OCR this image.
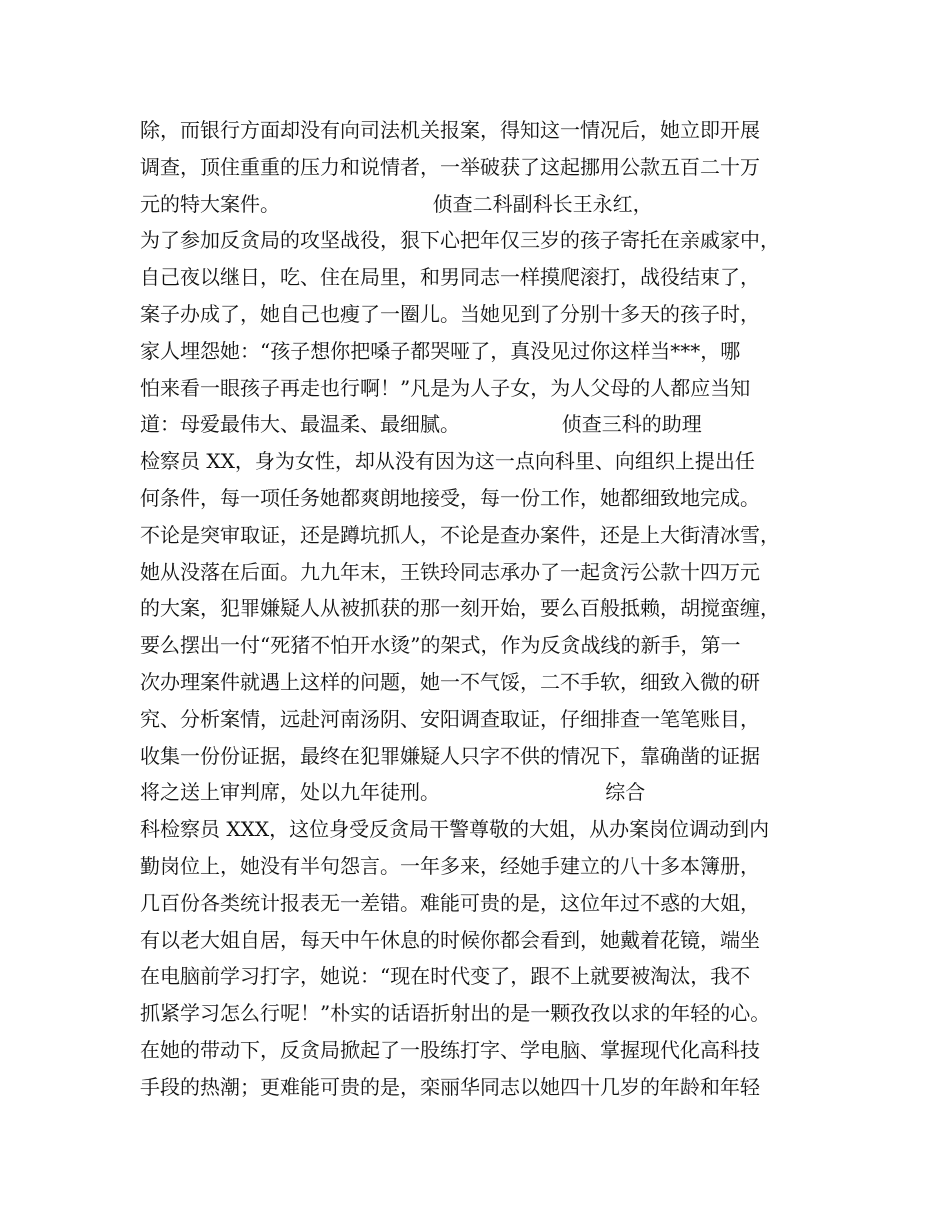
除，而银行方面却没有向司法机关报案，得知这一情况后，她立即开展
调查，顶住重重的压力和说情者，一举破获了这起挪用公款五百二十万
元的特大案件。                        侦查二科副科长王永红，
为了参加反贪局的攻坚战役，狠下心把年仅三岁的孩子寄托在亲戚家中，
自己夜以继日，吃、住在局里，和男同志一样摸爬滚打，战役结束了，
案子办成了，她自己也瘦了一圈儿。当她见到了分别十多天的孩子时，
家人埋怨她：“孩子想你把嗓子都哭哑了，真没见过你这样当***，哪
怕来看一眼孩子再走也行啊！”凡是为人子女，为人父母的人都应当知
道：母爱最伟大、最温柔、最细腻。                侦查三科的助理
检察员 XX，身为女性，却从没有因为这一点向科里、向组织上提出任
何条件，每一项任务她都爽朗地接受，每一份工作，她都细致地完成。
不论是突审取证，还是蹲坑抓人，不论是查办案件，还是上大街清冰雪，
她从没落在后面。九九年末，王铁玲同志承办了一起贪污公款十四万元
的大案，犯罪嫌疑人从被抓获的那一刻开始，要么百般抵赖，胡搅蛮缠，
要么摆出一付“死猪不怕开水烫”的架式，作为反贪战线的新手，第一
次办理案件就遇上这样的问题，她一不气馁，二不手软，细致入微的研
究、分析案情，远赴河南汤阴、安阳调查取证，仔细排查一笔笔账目，
收集一份份证据，最终在犯罪嫌疑人只字不供的情况下，靠确凿的证据
将之送上审判席，处以九年徒刑。                          综合
科检察员 XXX，这位身受反贪局干警尊敬的大姐，从办案岗位调动到内
勤岗位上，她没有半句怨言。一年多来，经她手建立的八十多本簿册，
几百份各类统计报表无一差错。难能可贵的是，这位年过不惑的大姐，
有以老大姐自居，每天中午休息的时候你都会看到，她戴着花镜，端坐
在电脑前学习打字，她说：“现在时代变了，跟不上就要被淘汰，我不
抓紧学习怎么行呢！”朴实的话语折射出的是一颗孜孜以求的年轻的心。
在她的带动下，反贪局掀起了一股练打字、学电脑、掌握现代化高科技
手段的热潮；更难能可贵的是，栾丽华同志以她四十几岁的年龄和年轻
